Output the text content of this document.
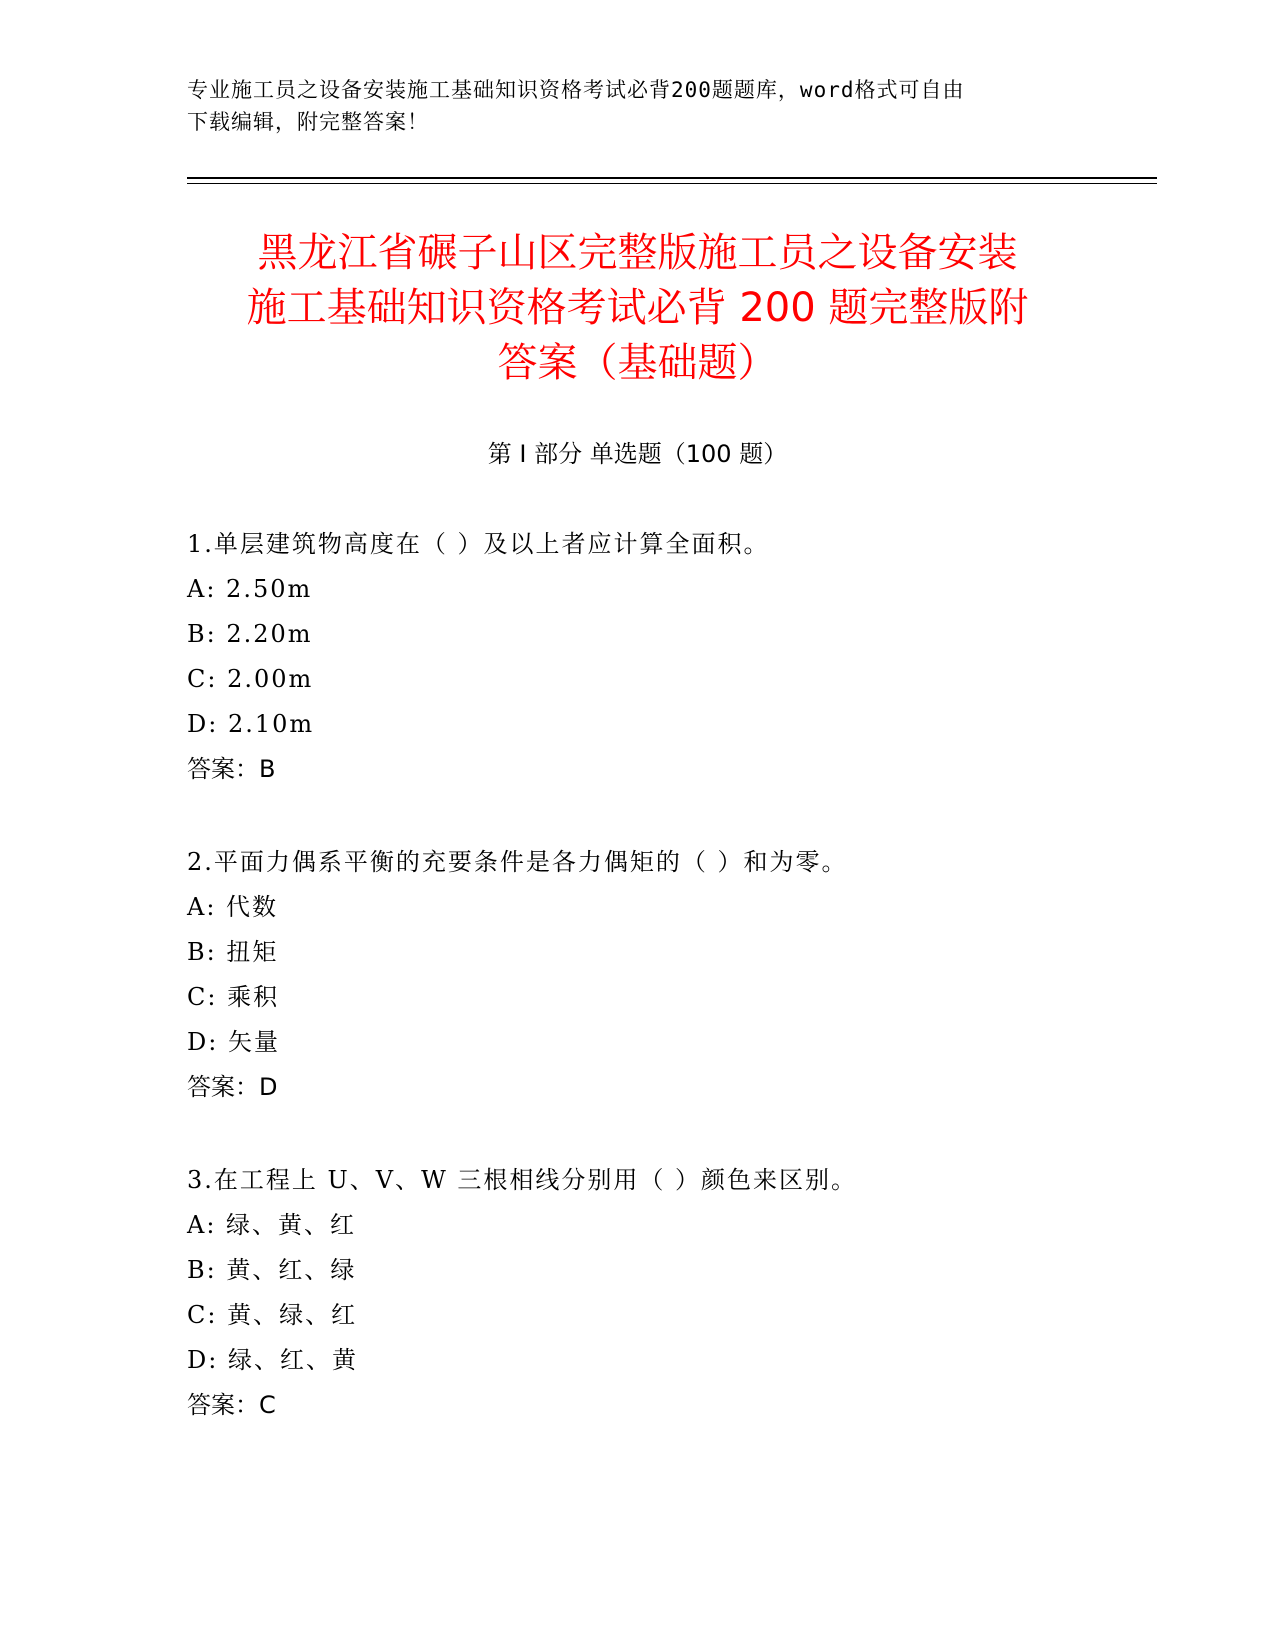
专业施工员之设备安装施工基础知识资格考试必背200题题库，word格式可自由
下载编辑，附完整答案！
黑龙江省碾子山区完整版施工员之设备安装
施工基础知识资格考试必背 200 题完整版附
答案（基础题）
第 I 部分 单选题（100 题）

1.单层建筑物高度在（ ）及以上者应计算全面积。

A: 2.50m

B: 2.20m

C: 2.00m

D: 2.10m

答案：B

2.平面力偶系平衡的充要条件是各力偶矩的（ ）和为零。

A: 代数

B: 扭矩

C: 乘积

D: 矢量

答案：D

3.在工程上 U、V、W 三根相线分别用（ ）颜色来区别。

A: 绿、黄、红

B: 黄、红、绿

C: 黄、绿、红

D: 绿、红、黄

答案：C
